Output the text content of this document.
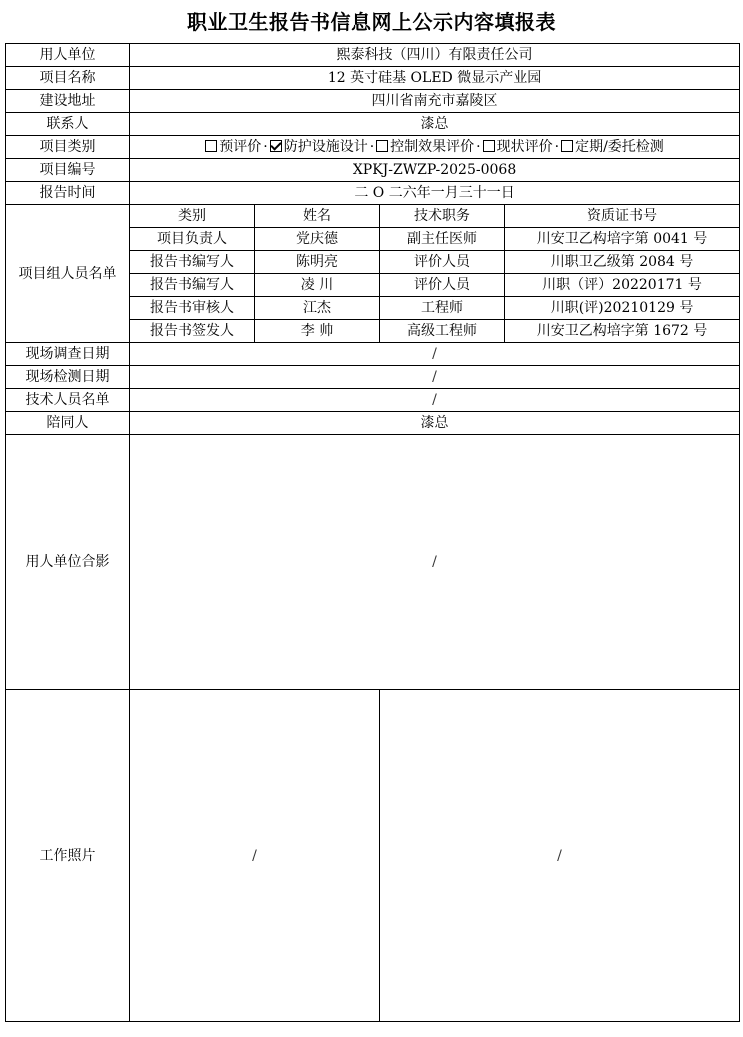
职业卫生报告书信息网上公示内容填报表
用人单位	熙泰科技（四川）有限责任公司			
项目名称	12 英寸硅基 OLED 微显示产业园			
建设地址	四川省南充市嘉陵区			
联系人	漆总			
项目类别	预评价 · 防护设施设计 · 控制效果评价 · 现状评价 · 定期/委托检测			
项目编号	XPKJ-ZWZP-2025-0068			
报告时间	二 O 二六年一月三十一日			
项目组人员名单	类别	姓名	技术职务	资质证书号
	项目负责人	党庆德	副主任医师	川安卫乙构培字第 0041 号
	报告书编写人	陈明亮	评价人员	川职卫乙级第 2084 号
	报告书编写人	凌 川	评价人员	川职（评）20220171 号
	报告书审核人	江杰	工程师	川职(评)20210129 号
	报告书签发人	李 帅	高级工程师	川安卫乙构培字第 1672 号
现场调查日期	/			
现场检测日期	/			
技术人员名单	/			
陪同人	漆总			
用人单位合影	/			
工作照片	/		/	
